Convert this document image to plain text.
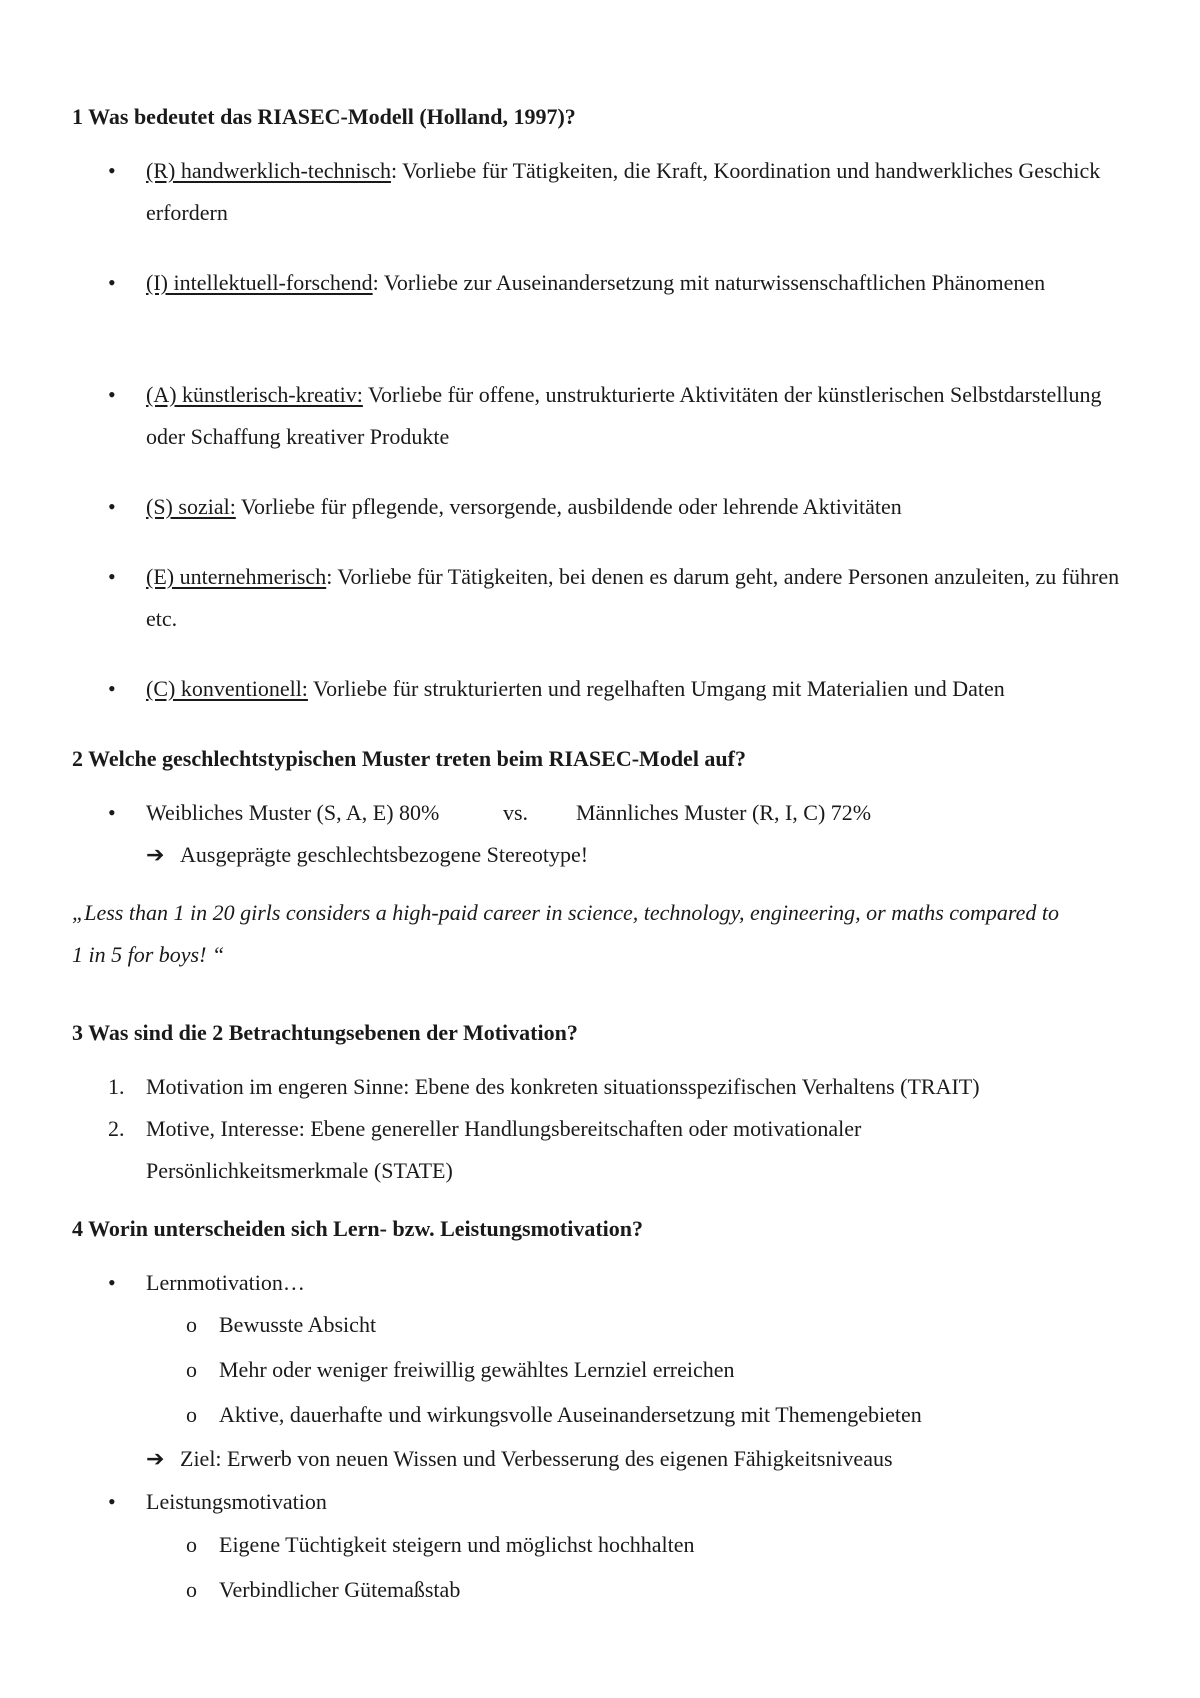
1 Was bedeutet das RIASEC-Modell (Holland, 1997)?

•	(R) handwerklich-technisch: Vorliebe für Tätigkeiten, die Kraft, Koordination und handwerkliches Geschick erfordern

•	(I) intellektuell-forschend: Vorliebe zur Auseinandersetzung mit naturwissenschaftlichen Phänomenen

•	(A) künstlerisch-kreativ: Vorliebe für offene, unstrukturierte Aktivitäten der künstlerischen Selbstdarstellung oder Schaffung kreativer Produkte

•	(S) sozial: Vorliebe für pflegende, versorgende, ausbildende oder lehrende Aktivitäten

•	(E) unternehmerisch: Vorliebe für Tätigkeiten, bei denen es darum geht, andere Personen anzuleiten, zu führen etc.

•	(C) konventionell: Vorliebe für strukturierten und regelhaften Umgang mit Materialien und Daten

2 Welche geschlechtstypischen Muster treten beim RIASEC-Model auf?

•	Weibliches Muster (S, A, E) 80%	vs. Männliches Muster (R, I, C) 72%

➔ Ausgeprägte geschlechtsbezogene Stereotype!

„Less than 1 in 20 girls considers a high-paid career in science, technology, engineering, or maths compared to 1 in 5 for boys! “

3 Was sind die 2 Betrachtungsebenen der Motivation?

1. Motivation im engeren Sinne: Ebene des konkreten situationsspezifischen Verhaltens (TRAIT)

2. Motive, Interesse: Ebene genereller Handlungsbereitschaften oder motivationaler Persönlichkeitsmerkmale (STATE)

4 Worin unterscheiden sich Lern- bzw. Leistungsmotivation?

•	Lernmotivation…

o Bewusste Absicht

o Mehr oder weniger freiwillig gewähltes Lernziel erreichen

o Aktive, dauerhafte und wirkungsvolle Auseinandersetzung mit Themengebieten

➔ Ziel: Erwerb von neuen Wissen und Verbesserung des eigenen Fähigkeitsniveaus

•	Leistungsmotivation

o Eigene Tüchtigkeit steigern und möglichst hochhalten

o Verbindlicher Gütemaßstab
